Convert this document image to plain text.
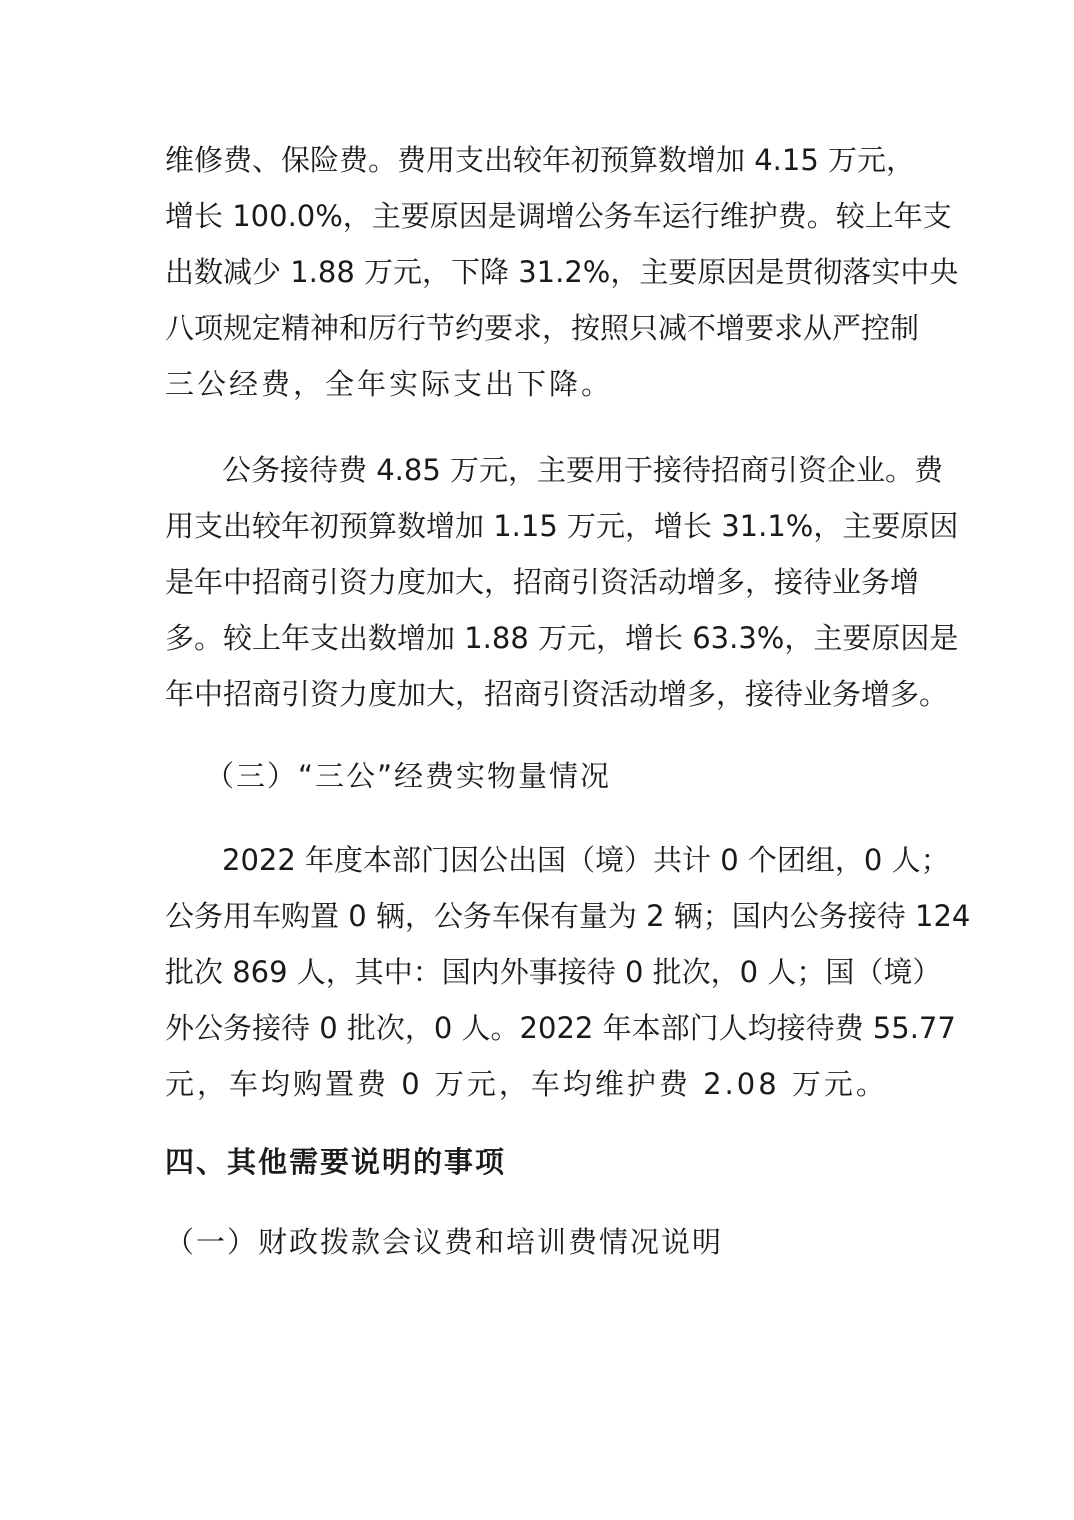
维修费、保险费。费用支出较年初预算数增加 4.15 万元，
增长 100.0%，主要原因是调增公务车运行维护费。较上年支
出数减少 1.88 万元，下降 31.2%，主要原因是贯彻落实中央
八项规定精神和厉行节约要求，按照只减不增要求从严控制
三公经费，全年实际支出下降。
公务接待费 4.85 万元，主要用于接待招商引资企业。费
用支出较年初预算数增加 1.15 万元，增长 31.1%，主要原因
是年中招商引资力度加大，招商引资活动增多，接待业务增
多。较上年支出数增加 1.88 万元，增长 63.3%，主要原因是
年中招商引资力度加大，招商引资活动增多，接待业务增多。
（三）“三公”经费实物量情况
2022 年度本部门因公出国（境）共计 0 个团组，0 人；
公务用车购置 0 辆，公务车保有量为 2 辆；国内公务接待 124
批次 869 人，其中：国内外事接待 0 批次，0 人；国（境）
外公务接待 0 批次，0 人。2022 年本部门人均接待费 55.77
元，车均购置费 0 万元，车均维护费 2.08 万元。
四、其他需要说明的事项
（一）财政拨款会议费和培训费情况说明
